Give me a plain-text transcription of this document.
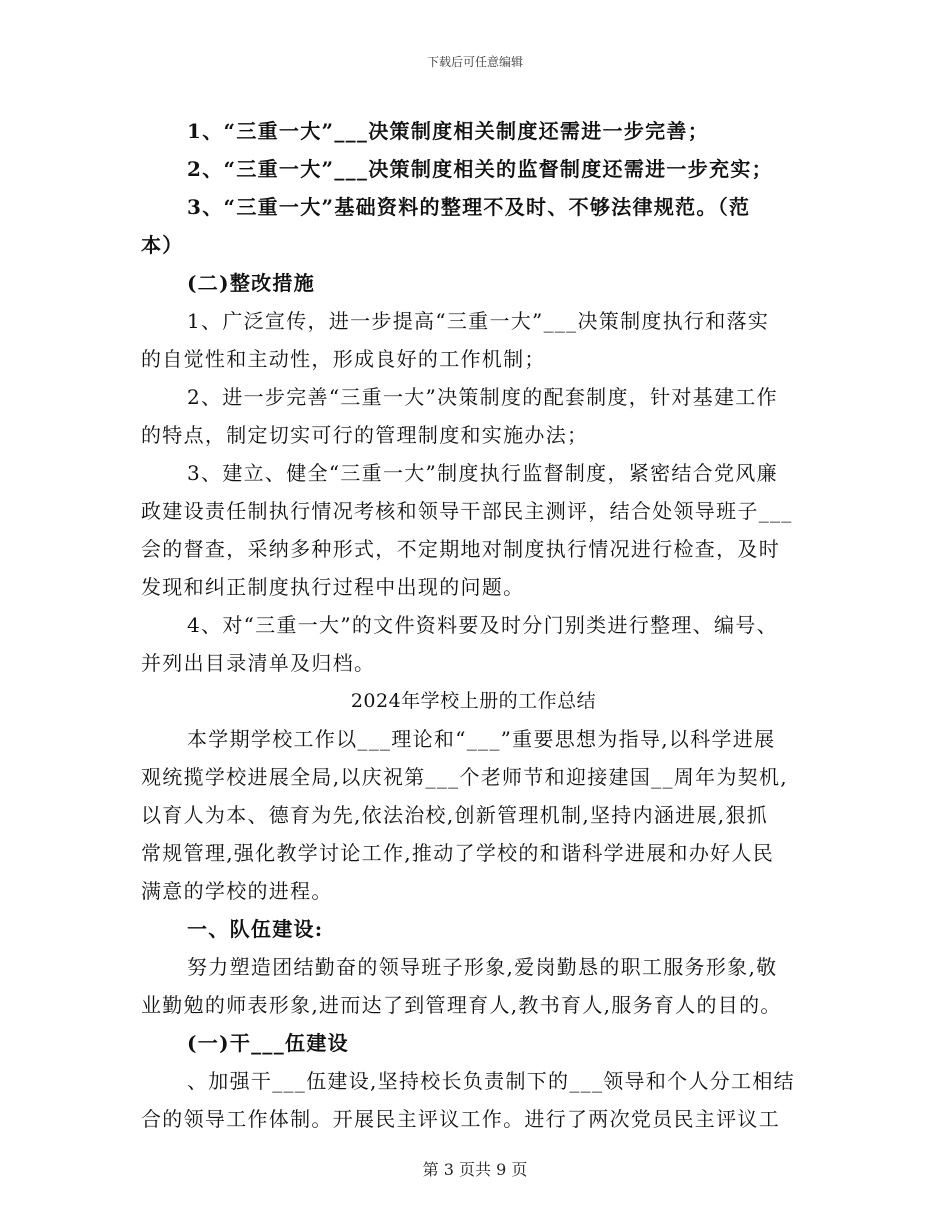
下载后可任意编辑
1、“三重一大”___决策制度相关制度还需进一步完善；
2、“三重一大”___决策制度相关的监督制度还需进一步充实；
3、“三重一大”基础资料的整理不及时、不够法律规范。（范
本）
(二)整改措施
1、广泛宣传，进一步提高“三重一大”___决策制度执行和落实
的自觉性和主动性，形成良好的工作机制；
2、进一步完善“三重一大”决策制度的配套制度，针对基建工作
的特点，制定切实可行的管理制度和实施办法；
3、建立、健全“三重一大”制度执行监督制度，紧密结合党风廉
政建设责任制执行情况考核和领导干部民主测评，结合处领导班子___
会的督查，采纳多种形式，不定期地对制度执行情况进行检查，及时
发现和纠正制度执行过程中出现的问题。
4、对“三重一大”的文件资料要及时分门别类进行整理、编号、
并列出目录清单及归档。
2024年学校上册的工作总结
本学期学校工作以___理论和“___”重要思想为指导,以科学进展
观统揽学校进展全局,以庆祝第___个老师节和迎接建国__周年为契机,
以育人为本、德育为先,依法治校,创新管理机制,坚持内涵进展,狠抓
常规管理,强化教学讨论工作,推动了学校的和谐科学进展和办好人民
满意的学校的进程。
一、队伍建设:
努力塑造团结勤奋的领导班子形象,爱岗勤恳的职工服务形象,敬
业勤勉的师表形象,进而达了到管理育人,教书育人,服务育人的目的。
(一)干___伍建设
、加强干___伍建设,坚持校长负责制下的___领导和个人分工相结
合的领导工作体制。开展民主评议工作。进行了两次党员民主评议工
第 3 页共 9 页
